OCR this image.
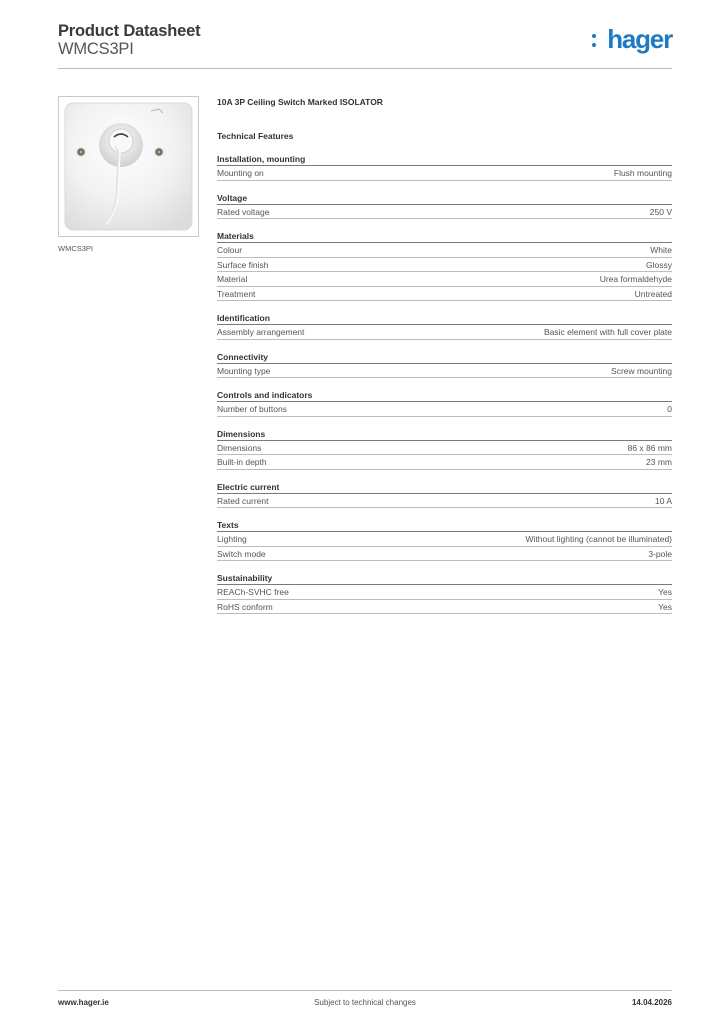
Product Datasheet
WMCS3PI	hager
WMCS3PI
10A 3P Ceiling Switch Marked ISOLATOR
Technical Features
Installation, mounting
Mounting on	Flush mounting
Voltage
Rated voltage	250 V
Materials
Colour	White
Surface finish	Glossy
Material	Urea formaldehyde
Treatment	Untreated
Identification
Assembly arrangement	Basic element with full cover plate
Connectivity
Mounting type	Screw mounting
Controls and indicators
Number of buttons	0
Dimensions
Dimensions	86 x 86 mm
Built-in depth	23 mm
Electric current
Rated current	10 A
Texts
Lighting	Without lighting (cannot be illuminated)
Switch mode	3-pole
Sustainability
REACh-SVHC free	Yes
RoHS conform	Yes
www.hager.ie	Subject to technical changes	14.04.2026
